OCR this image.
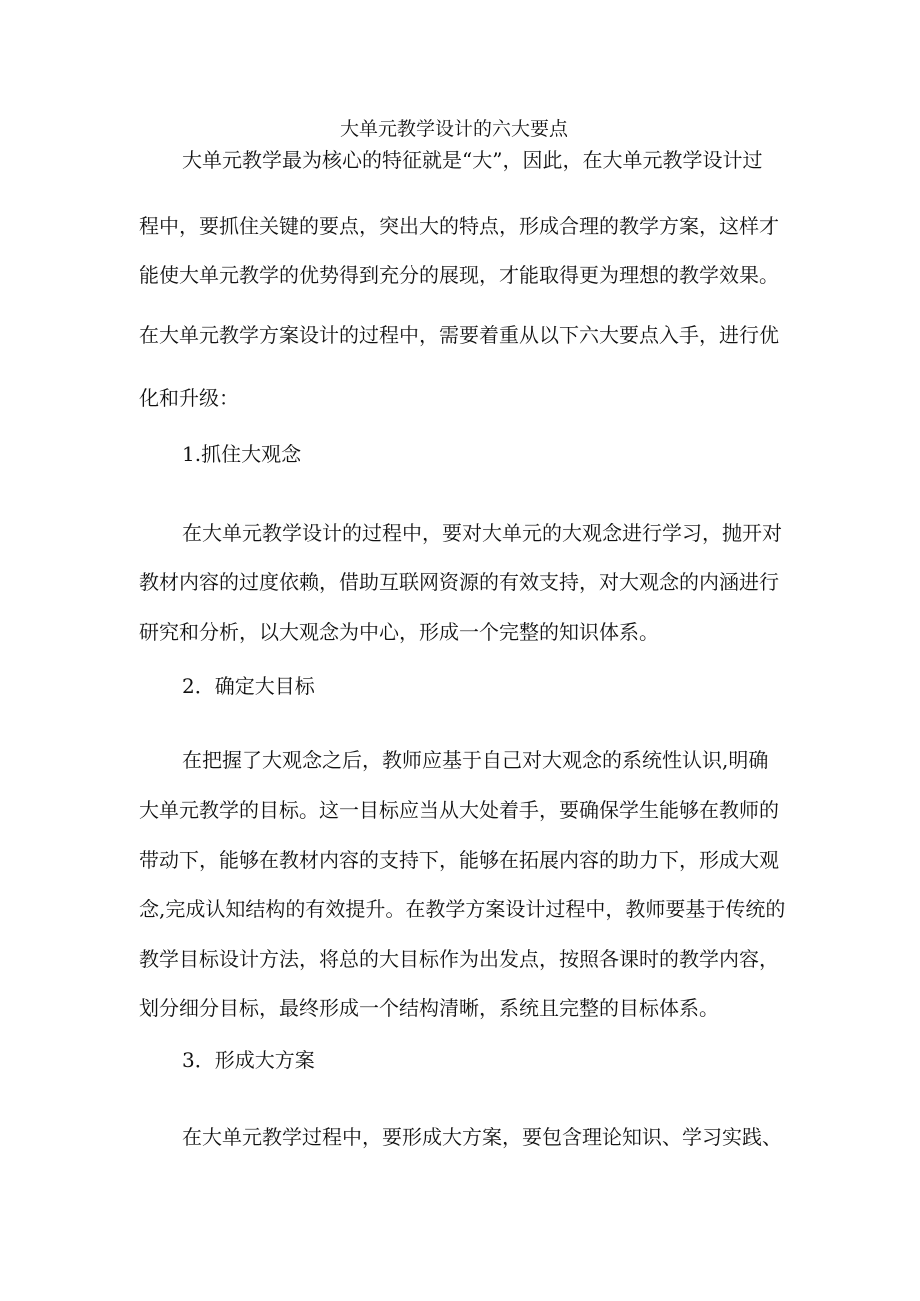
大单元教学设计的六大要点

大单元教学最为核心的特征就是“大”，因此，在大单元教学设计过

程中，要抓住关键的要点，突出大的特点，形成合理的教学方案，这样才

能使大单元教学的优势得到充分的展现，才能取得更为理想的教学效果。

在大单元教学方案设计的过程中，需要着重从以下六大要点入手，进行优

化和升级：

1.抓住大观念

在大单元教学设计的过程中，要对大单元的大观念进行学习，抛开对

教材内容的过度依赖，借助互联网资源的有效支持，对大观念的内涵进行

研究和分析，以大观念为中心，形成一个完整的知识体系。

2．确定大目标

在把握了大观念之后，教师应基于自己对大观念的系统性认识,明确

大单元教学的目标。这一目标应当从大处着手，要确保学生能够在教师的

带动下，能够在教材内容的支持下，能够在拓展内容的助力下，形成大观

念,完成认知结构的有效提升。在教学方案设计过程中，教师要基于传统的

教学目标设计方法，将总的大目标作为出发点，按照各课时的教学内容，

划分细分目标，最终形成一个结构清晰，系统且完整的目标体系。

3．形成大方案

在大单元教学过程中，要形成大方案，要包含理论知识、学习实践、
